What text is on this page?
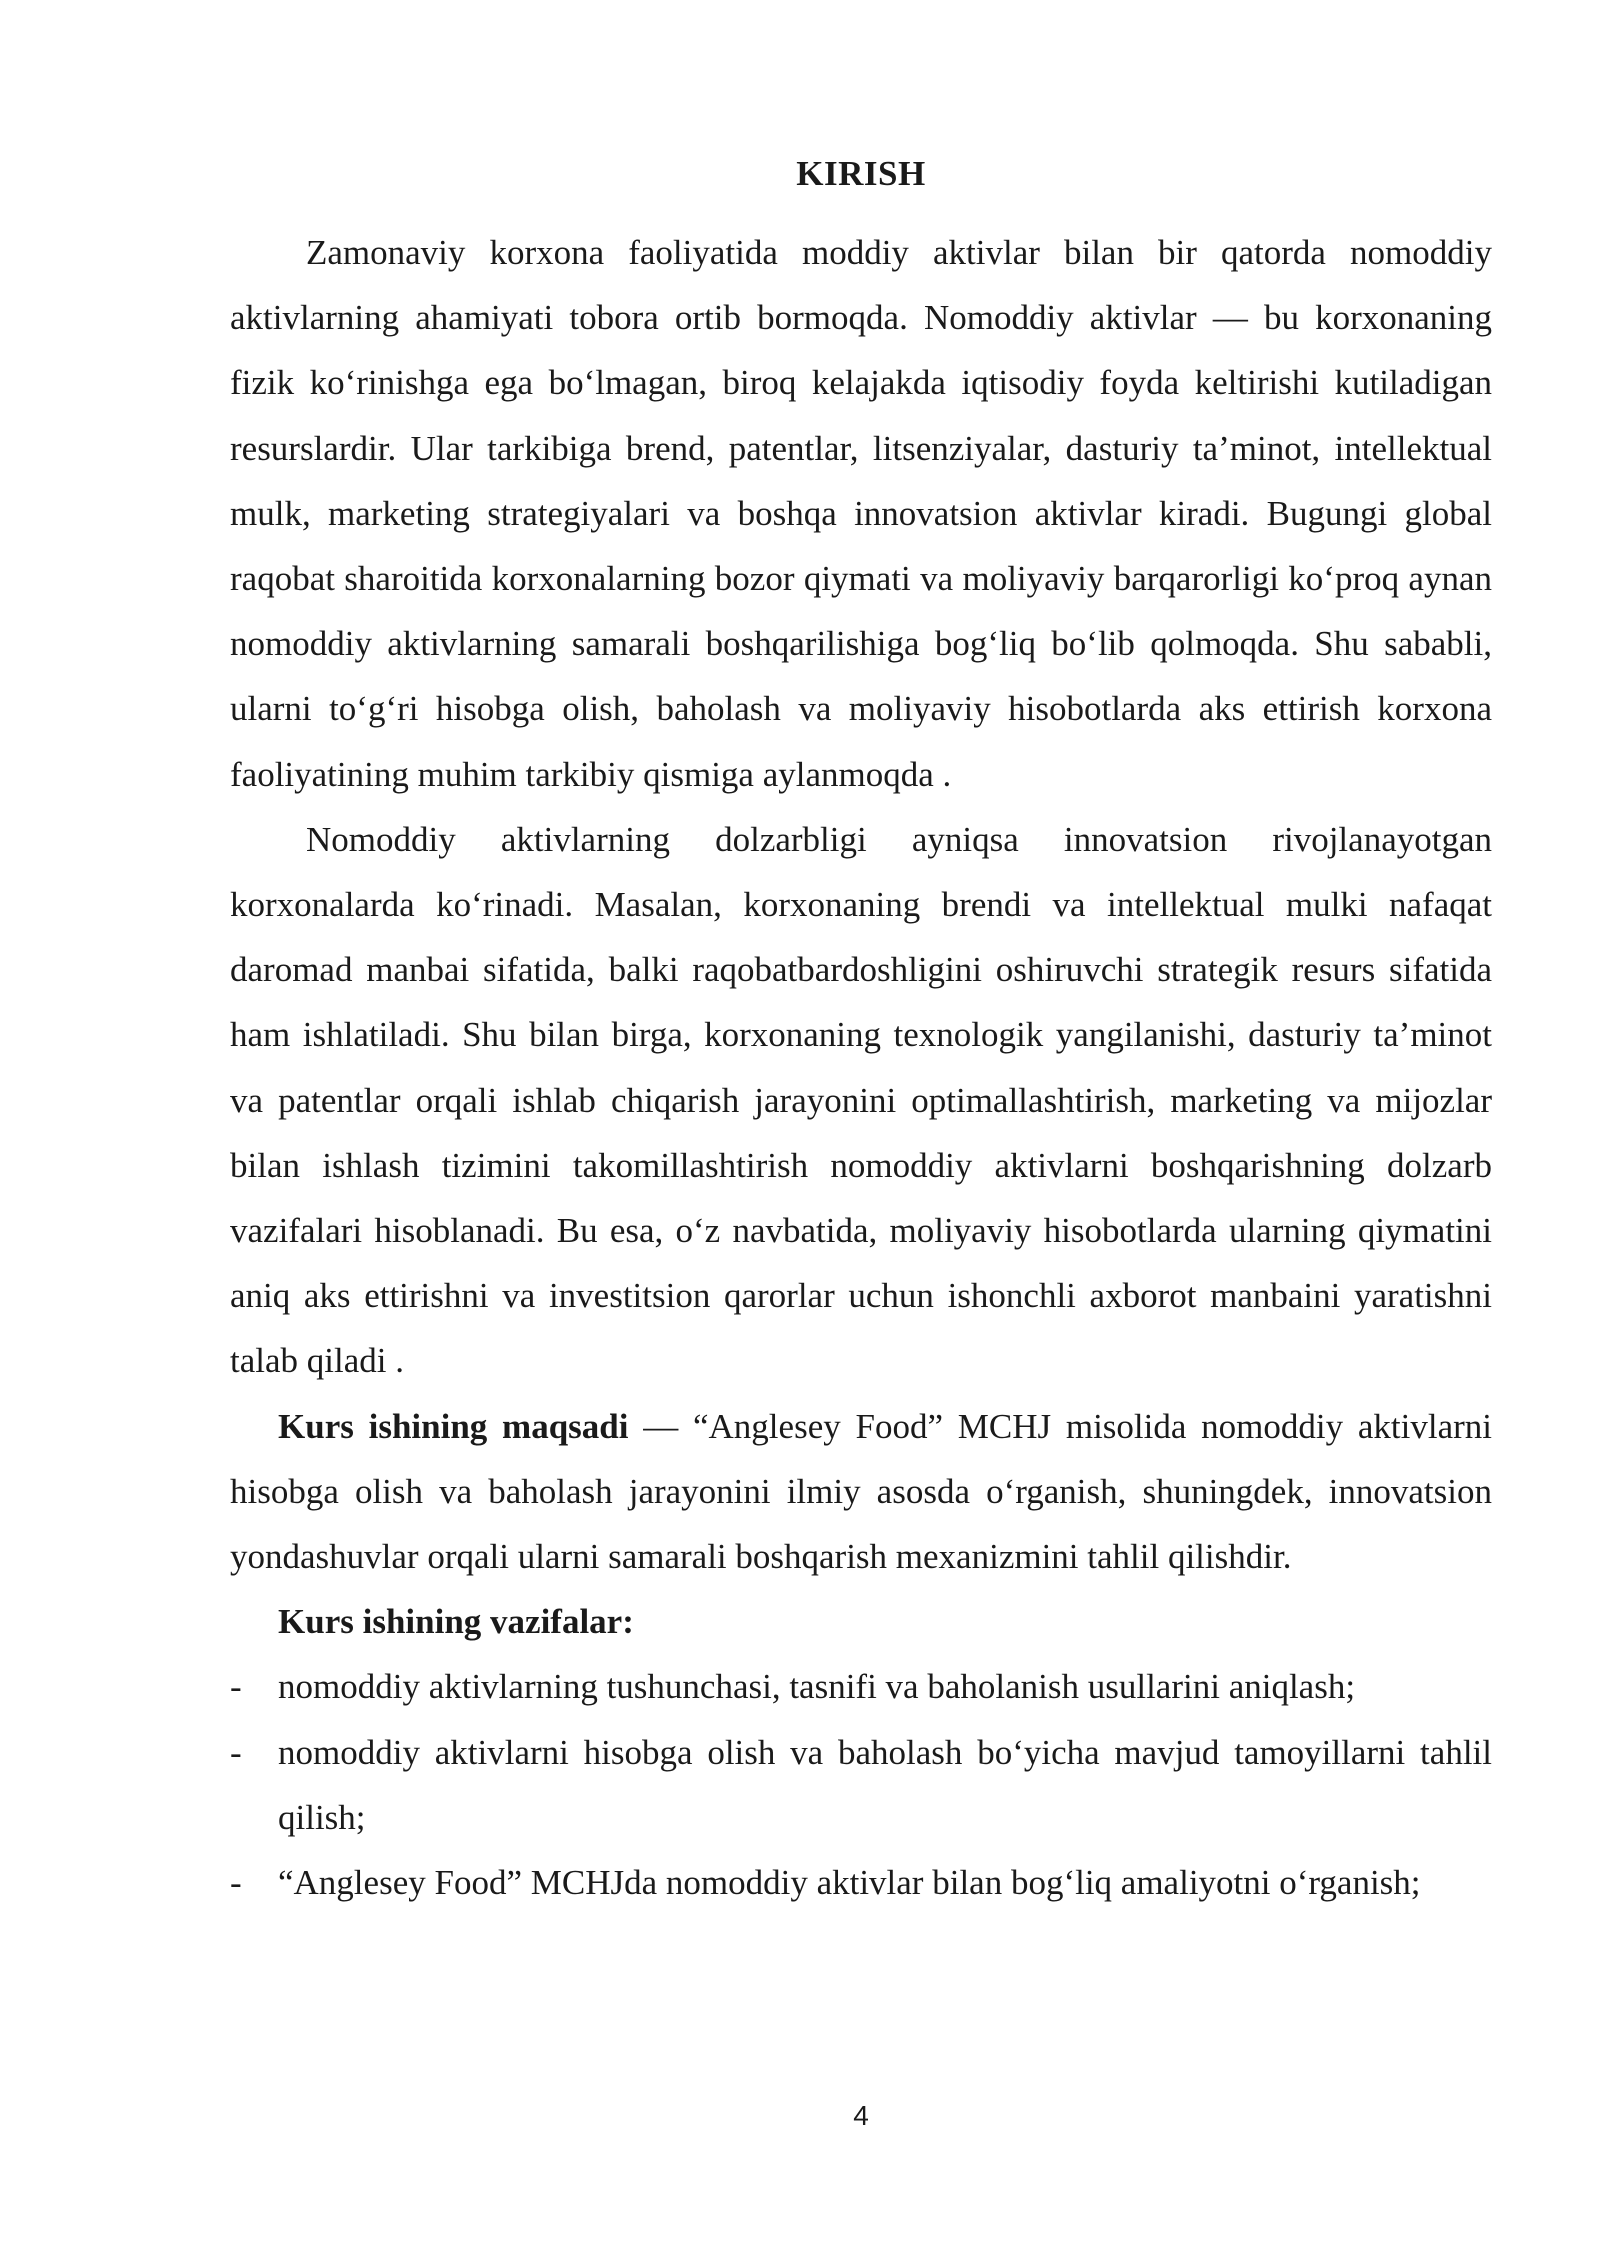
KIRISH

Zamonaviy korxona faoliyatida moddiy aktivlar bilan bir qatorda nomoddiy aktivlarning ahamiyati tobora ortib bormoqda. Nomoddiy aktivlar — bu korxonaning fizik koʻrinishga ega boʻlmagan, biroq kelajakda iqtisodiy foyda keltirishi kutiladigan resurslardir. Ular tarkibiga brend, patentlar, litsenziyalar, dasturiy ta’minot, intellektual mulk, marketing strategiyalari va boshqa innovatsion aktivlar kiradi. Bugungi global raqobat sharoitida korxonalarning bozor qiymati va moliyaviy barqarorligi koʻproq aynan nomoddiy aktivlarning samarali boshqarilishiga bogʻliq boʻlib qolmoqda. Shu sababli, ularni toʻgʻri hisobga olish, baholash va moliyaviy hisobotlarda aks ettirish korxona faoliyatining muhim tarkibiy qismiga aylanmoqda .

Nomoddiy aktivlarning dolzarbligi ayniqsa innovatsion rivojlanayotgan korxonalarda koʻrinadi. Masalan, korxonaning brendi va intellektual mulki nafaqat daromad manbai sifatida, balki raqobatbardoshligini oshiruvchi strategik resurs sifatida ham ishlatiladi. Shu bilan birga, korxonaning texnologik yangilanishi, dasturiy ta’minot va patentlar orqali ishlab chiqarish jarayonini optimallashtirish, marketing va mijozlar bilan ishlash tizimini takomillashtirish nomoddiy aktivlarni boshqarishning dolzarb vazifalari hisoblanadi. Bu esa, oʻz navbatida, moliyaviy hisobotlarda ularning qiymatini aniq aks ettirishni va investitsion qarorlar uchun ishonchli axborot manbaini yaratishni talab qiladi .

Kurs ishining maqsadi — “Anglesey Food” MCHJ misolida nomoddiy aktivlarni hisobga olish va baholash jarayonini ilmiy asosda oʻrganish, shuningdek, innovatsion yondashuvlar orqali ularni samarali boshqarish mexanizmini tahlil qilishdir.

Kurs ishining vazifalar:
-	nomoddiy aktivlarning tushunchasi, tasnifi va baholanish usullarini aniqlash;
-	nomoddiy aktivlarni hisobga olish va baholash boʻyicha mavjud tamoyillarni tahlil qilish;
-	“Anglesey Food” MCHJda nomoddiy aktivlar bilan bogʻliq amaliyotni oʻrganish;
4
